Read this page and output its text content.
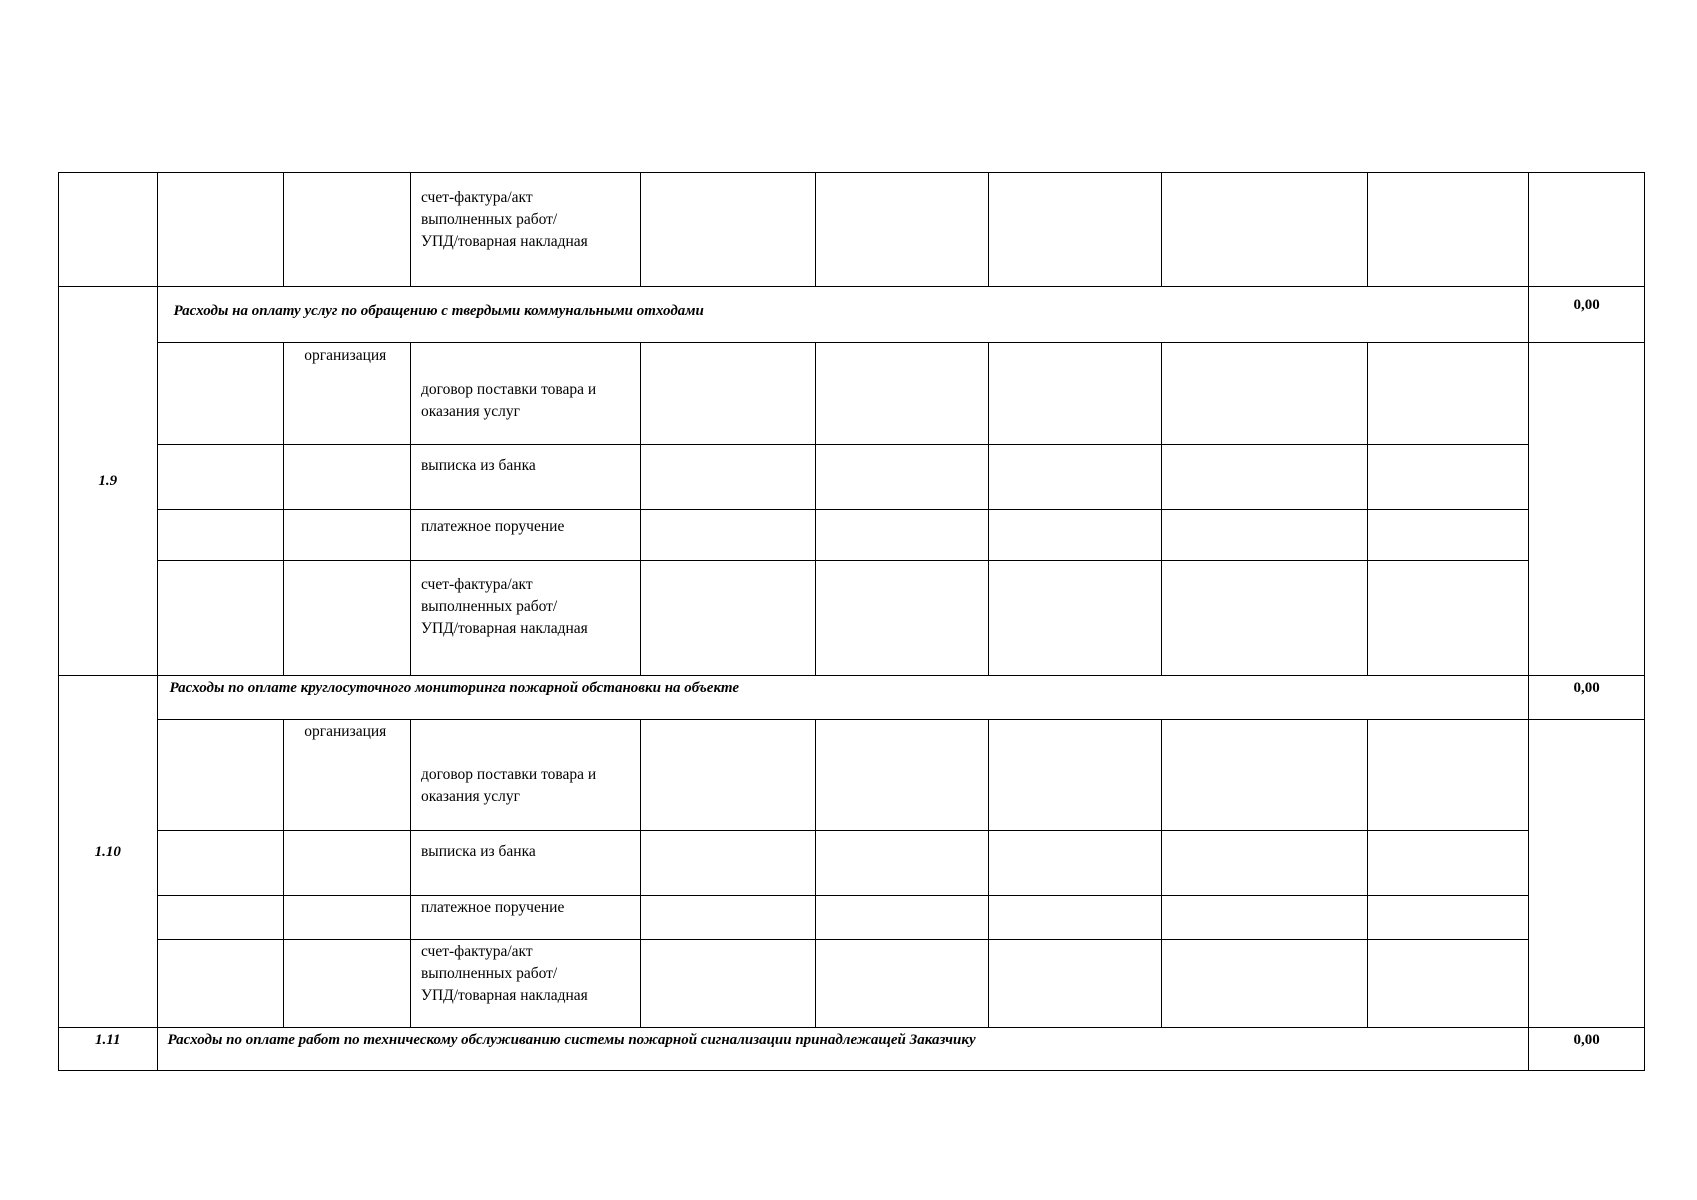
			счет-фактура/акт
выполненных работ/
УПД/товарная накладная						

1.9	Расходы на оплату услуг по обращению с твердыми коммунальными отходами								0,00

		организация	договор поставки товара и
оказания услуг						

			выписка из банка						

			платежное поручение						

			счет-фактура/акт
выполненных работ/
УПД/товарная накладная						

1.10	Расходы по оплате круглосуточного мониторинга пожарной обстановки на объекте								0,00

		организация	договор поставки товара и
оказания услуг						

			выписка из банка						

			платежное поручение						

			счет-фактура/акт
выполненных работ/
УПД/товарная накладная						

1.11	Расходы по оплате работ по техническому обслуживанию системы пожарной сигнализации принадлежащей Заказчику								0,00
